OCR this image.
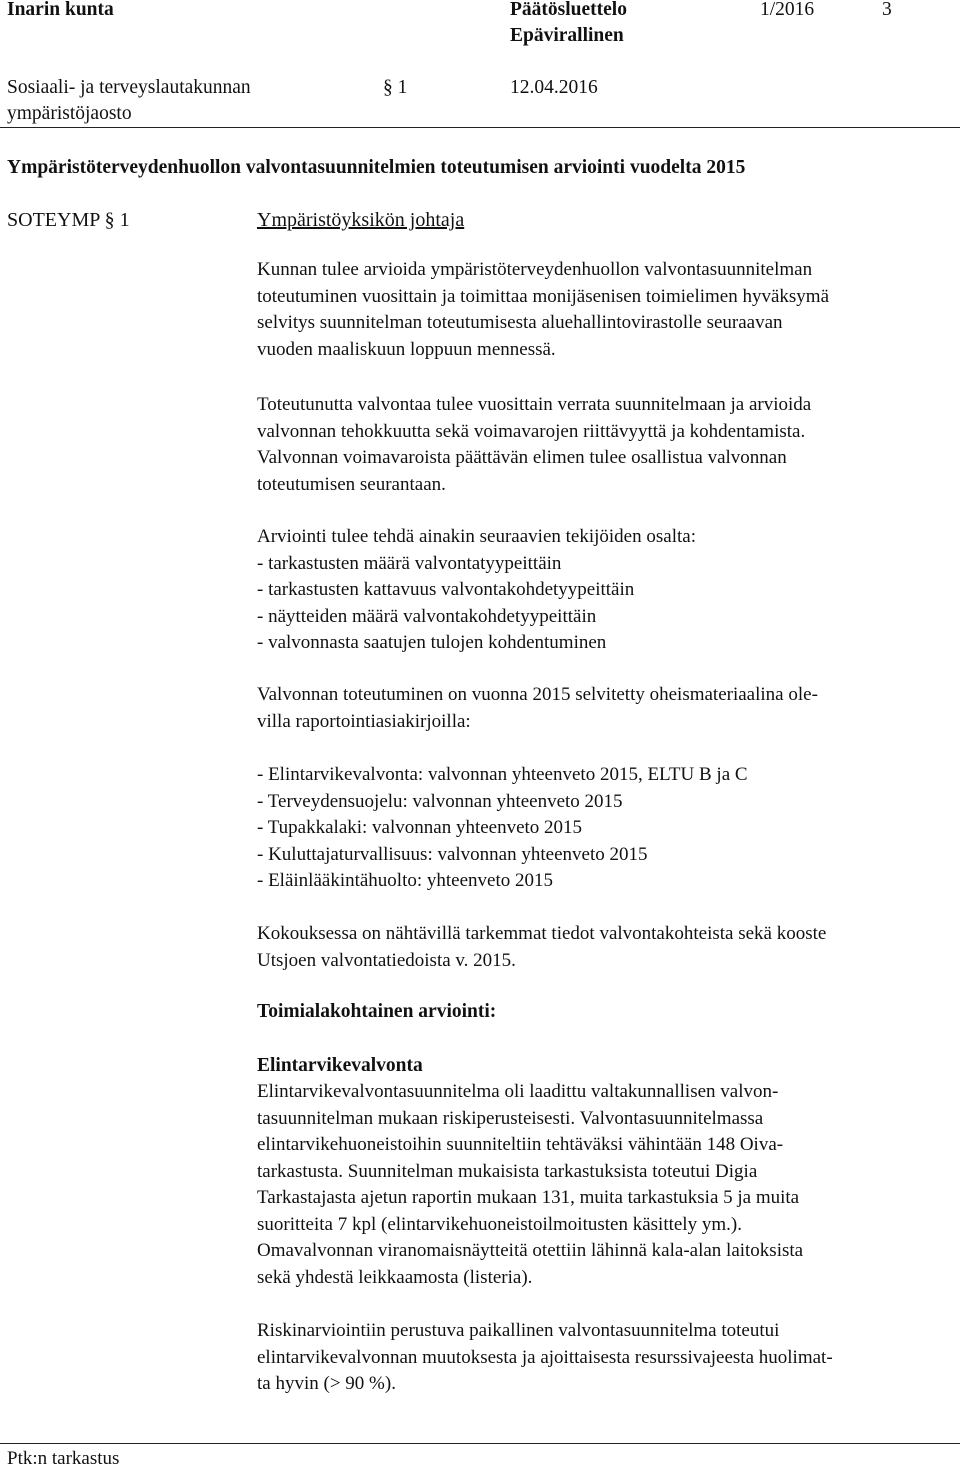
Inarin kunta	Päätösluettelo
Epävirallinen
1/2016	3
Sosiaali- ja terveyslautakunnan
ympäristöjaosto
§ 1	12.04.2016
Ympäristöterveydenhuollon valvontasuunnitelmien toteutumisen arviointi vuodelta 2015
SOTEYMP § 1	Ympäristöyksikön johtaja
Kunnan tulee arvioida ympäristöterveydenhuollon valvontasuunnitelman
toteutuminen vuosittain ja toimittaa monijäsenisen toimielimen hyväksymä
selvitys suunnitelman toteutumisesta aluehallintovirastolle seuraavan
vuoden maaliskuun loppuun mennessä.
Toteutunutta valvontaa tulee vuosittain verrata suunnitelmaan ja arvioida
valvonnan tehokkuutta sekä voimavarojen riittävyyttä ja kohdentamista.
Valvonnan voimavaroista päättävän elimen tulee osallistua valvonnan
toteutumisen seurantaan.
Arviointi tulee tehdä ainakin seuraavien tekijöiden osalta:
- tarkastusten määrä valvontatyypeittäin
- tarkastusten kattavuus valvontakohdetyypeittäin
- näytteiden määrä valvontakohdetyypeittäin
- valvonnasta saatujen tulojen kohdentuminen
Valvonnan toteutuminen on vuonna 2015 selvitetty oheismateriaalina ole-
villa raportointiasiakirjoilla:
- Elintarvikevalvonta: valvonnan yhteenveto 2015, ELTU B ja C
- Terveydensuojelu: valvonnan yhteenveto 2015
- Tupakkalaki: valvonnan yhteenveto 2015
- Kuluttajaturvallisuus: valvonnan yhteenveto 2015
- Eläinlääkintähuolto: yhteenveto 2015
Kokouksessa on nähtävillä tarkemmat tiedot valvontakohteista sekä kooste
Utsjoen valvontatiedoista v. 2015.
Toimialakohtainen arviointi:
Elintarvikevalvonta
Elintarvikevalvontasuunnitelma oli laadittu valtakunnallisen valvon-
tasuunnitelman mukaan riskiperusteisesti. Valvontasuunnitelmassa
elintarvikehuoneistoihin suunniteltiin tehtäväksi vähintään 148 Oiva-
tarkastusta. Suunnitelman mukaisista tarkastuksista toteutui Digia
Tarkastajasta ajetun raportin mukaan 131, muita tarkastuksia 5 ja muita
suoritteita 7 kpl (elintarvikehuoneistoilmoitusten käsittely ym.).
Omavalvonnan viranomaisnäytteitä otettiin lähinnä kala-alan laitoksista
sekä yhdestä leikkaamosta (listeria).
Riskinarviointiin perustuva paikallinen valvontasuunnitelma toteutui
elintarvikevalvonnan muutoksesta ja ajoittaisesta resurssivajeesta huolimat-
ta hyvin (> 90 %).
Ptk:n tarkastus
